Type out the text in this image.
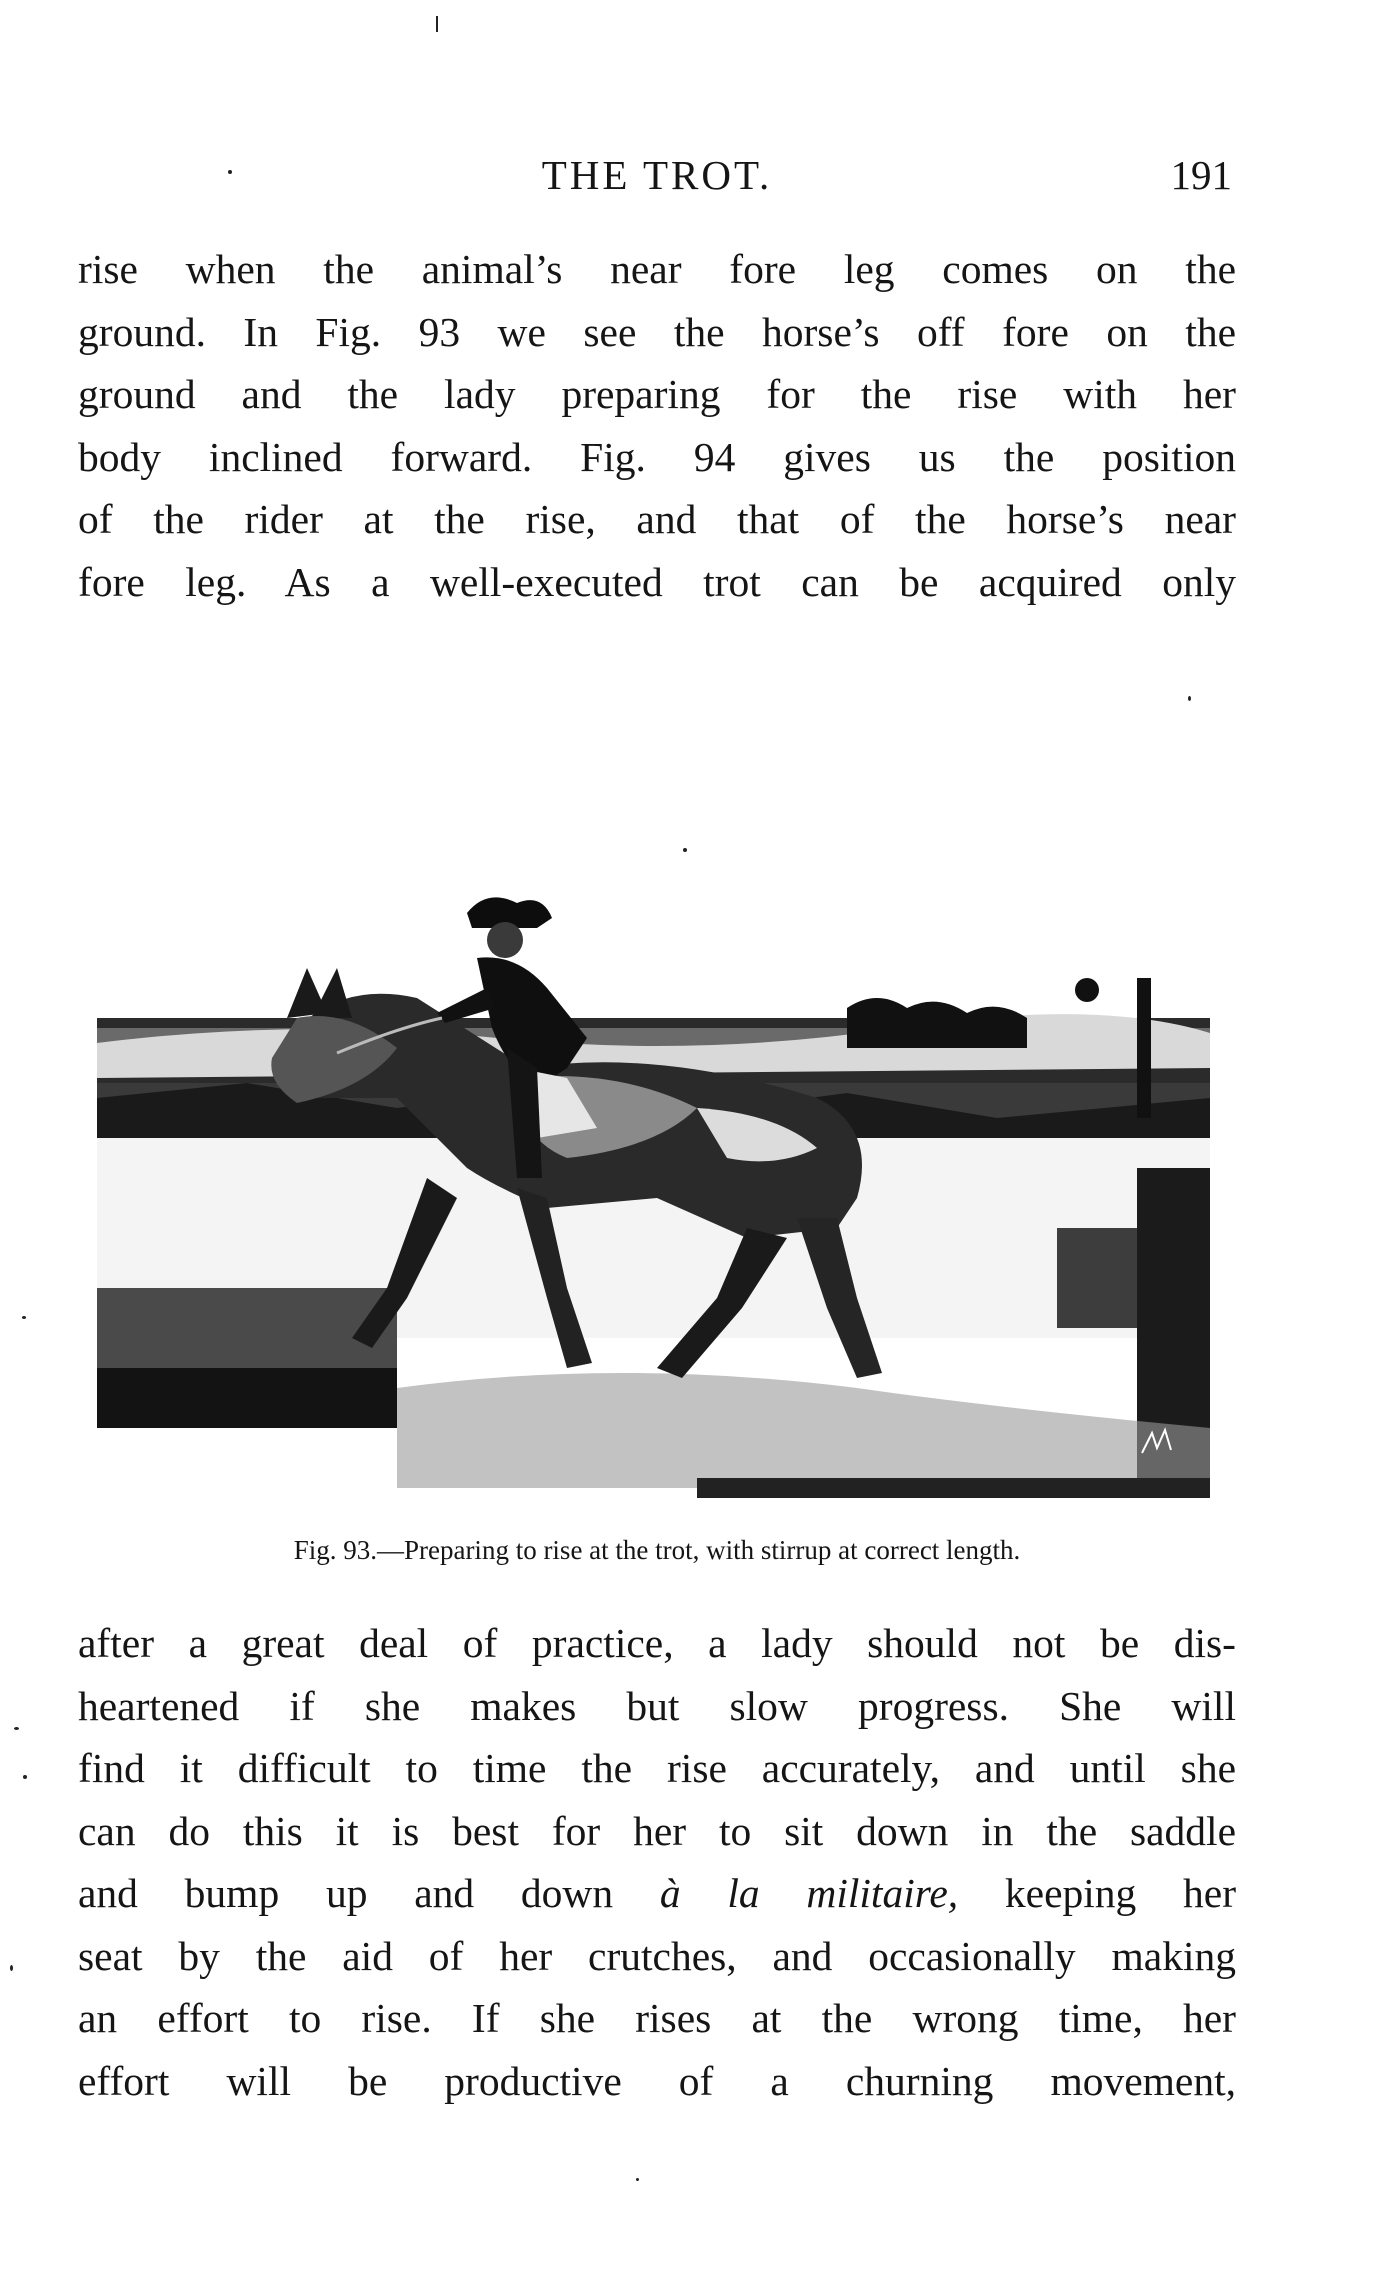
THE TROT.	191
rise when the animal’s near fore leg comes on the
ground. In Fig. 93 we see the horse’s off fore on the
ground and the lady preparing for the rise with her
body inclined forward. Fig. 94 gives us the position
of the rider at the rise, and that of the horse’s near
fore leg. As a well-executed trot can be acquired only
Fig. 93.—Preparing to rise at the trot, with stirrup at correct length.
after a great deal of practice, a lady should not be dis-
heartened if she makes but slow progress. She will
find it difficult to time the rise accurately, and until she
can do this it is best for her to sit down in the saddle
and bump up and down à la militaire, keeping her
seat by the aid of her crutches, and occasionally making
an effort to rise. If she rises at the wrong time, her
effort will be productive of a churning movement,
